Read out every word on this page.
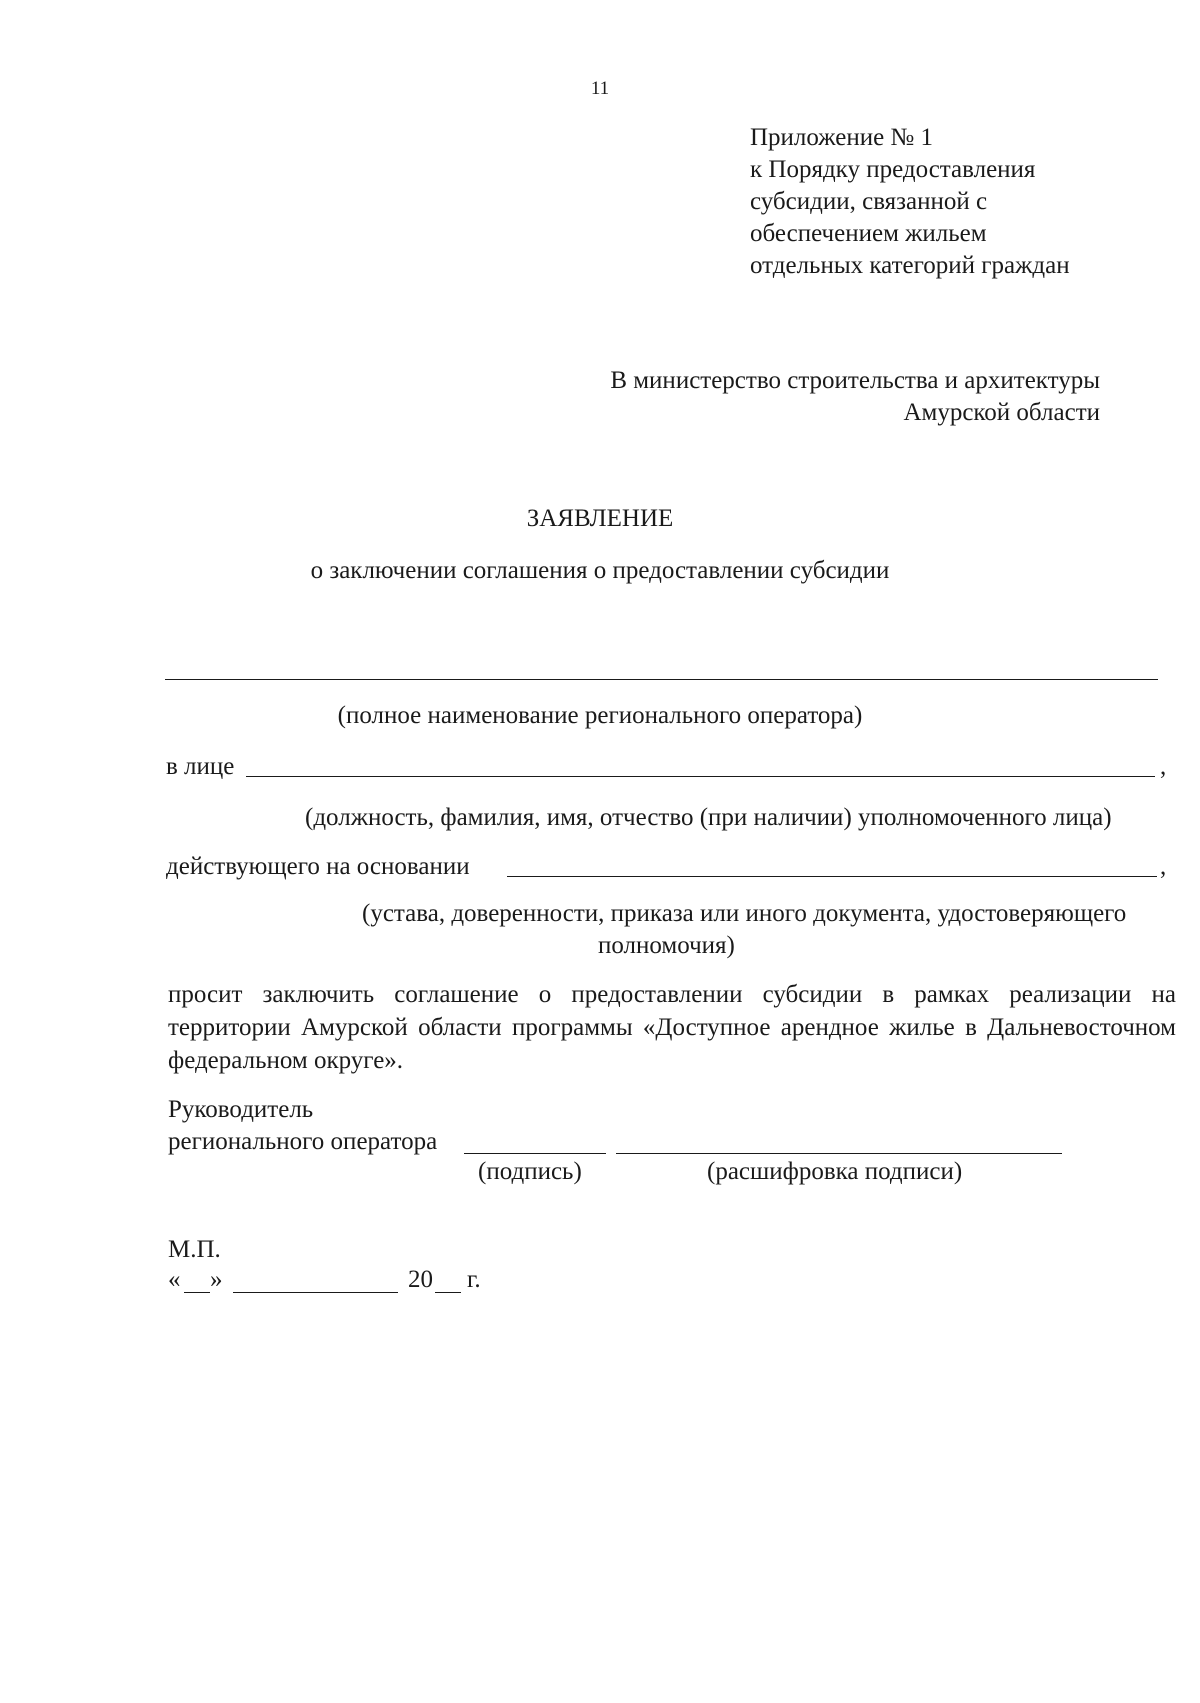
11
Приложение № 1
к Порядку предоставления
субсидии, связанной с
обеспечением жильем
отдельных категорий граждан
В министерство строительства и архитектуры
Амурской области
ЗАЯВЛЕНИЕ
о заключении соглашения о предоставлении субсидии
(полное наименование регионального оператора)
в лице	,
(должность, фамилия, имя, отчество (при наличии) уполномоченного лица)
действующего на основании	,
(устава, доверенности, приказа или иного документа, удостоверяющего
полномочия)
просит заключить соглашение о предоставлении субсидии в рамках реализации на территории Амурской области программы «Доступное арендное жилье в Дальневосточном федеральном округе».
Руководитель
регионального оператора
(подпись)	(расшифровка подписи)
М.П.
« »	20 г.
